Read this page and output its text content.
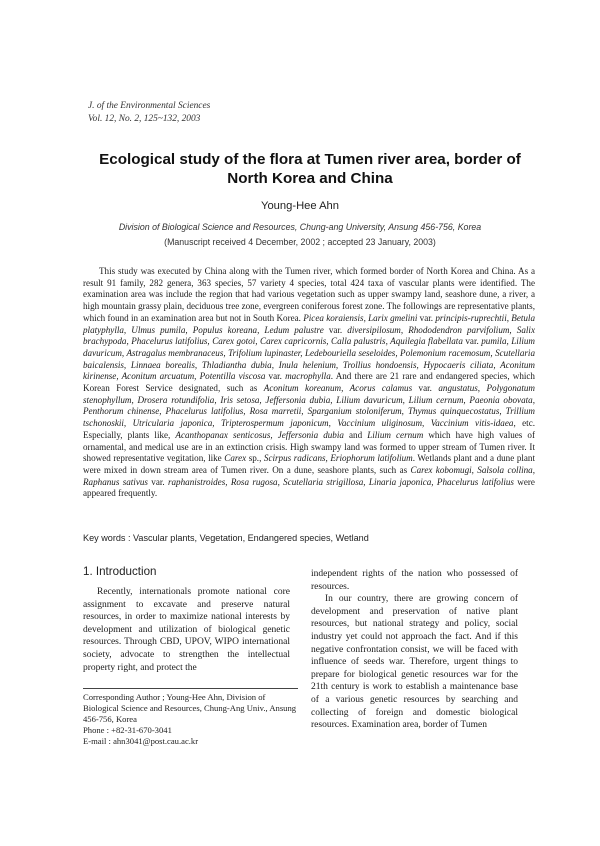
J. of the Environmental Sciences
Vol. 12, No. 2, 125~132, 2003
Ecological study of the flora at Tumen river area, border of North Korea and China
Young-Hee Ahn
Division of Biological Science and Resources, Chung-ang University, Ansung 456-756, Korea
(Manuscript received 4 December, 2002 ; accepted 23 January, 2003)
This study was executed by China along with the Tumen river, which formed border of North Korea and China. As a result 91 family, 282 genera, 363 species, 57 variety 4 species, total 424 taxa of vascular plants were identified. The examination area was include the region that had various vegetation such as upper swampy land, seashore dune, a river, a high mountain grassy plain, deciduous tree zone, evergreen coniferous forest zone. The followings are representative plants, which found in an examination area but not in South Korea. Picea koraiensis, Larix gmelini var. principis-ruprechtii, Betula platyphylla, Ulmus pumila, Populus koreana, Ledum palustre var. diversipilosum, Rhododendron parvifolium, Salix brachypoda, Phacelurus latifolius, Carex gotoi, Carex capricornis, Calla palustris, Aquilegia flabellata var. pumila, Lilium davuricum, Astragalus membranaceus, Trifolium lupinaster, Ledebouriella seseloides, Polemonium racemosum, Scutellaria baicalensis, Linnaea borealis, Thladiantha dubia, Inula helenium, Trollius hondoensis, Hypocaeris ciliata, Aconitum kirinense, Aconitum arcuatum, Potentilla viscosa var. macrophylla. And there are 21 rare and endangered species, which Korean Forest Service designated, such as Aconitum koreanum, Acorus calamus var. angustatus, Polygonatum stenophyllum, Drosera rotundifolia, Iris setosa, Jeffersonia dubia, Lilium davuricum, Lilium cernum, Paeonia obovata, Penthorum chinense, Phacelurus latifolius, Rosa marretii, Sparganium stoloniferum, Thymus quinquecostatus, Trillium tschonoskii, Utricularia japonica, Tripterospermum japonicum, Vaccinium uliginosum, Vaccinium vitis-idaea, etc. Especially, plants like, Acanthopanax senticosus, Jeffersonia dubia and Lilium cernum which have high values of ornamental, and medical use are in an extinction crisis. High swampy land was formed to upper stream of Tumen river. It showed representative vegitation, like Carex sp., Scirpus radicans, Eriophorum latifolium. Wetlands plant and a dune plant were mixed in down stream area of Tumen river. On a dune, seashore plants, such as Carex kobomugi, Salsola collina, Raphanus sativus var. raphanistroides, Rosa rugosa, Scutellaria strigillosa, Linaria japonica, Phacelurus latifolius were appeared frequently.
Key words : Vascular plants, Vegetation, Endangered species, Wetland
1. Introduction

Recently, internationals promote national core assignment to excavate and preserve natural resources, in order to maximize national interests by development and utilization of biological genetic resources. Through CBD, UPOV, WIPO international society, advocate to strengthen the intellectual property right, and protect the

independent rights of the nation who possessed of resources.

In our country, there are growing concern of development and preservation of native plant resources, but national strategy and policy, social industry yet could not approach the fact. And if this negative confrontation consist, we will be faced with influence of seeds war. Therefore, urgent things to prepare for biological genetic resources war for the 21th century is work to establish a maintenance base of a various genetic resources by searching and collecting of foreign and domestic biological resources. Examination area, border of Tumen

Corresponding Author ; Young-Hee Ahn, Division of Biological Science and Resources, Chung-Ang Univ., Ansung 456-756, Korea
Phone : +82-31-670-3041
E-mail : ahn3041@post.cau.ac.kr
